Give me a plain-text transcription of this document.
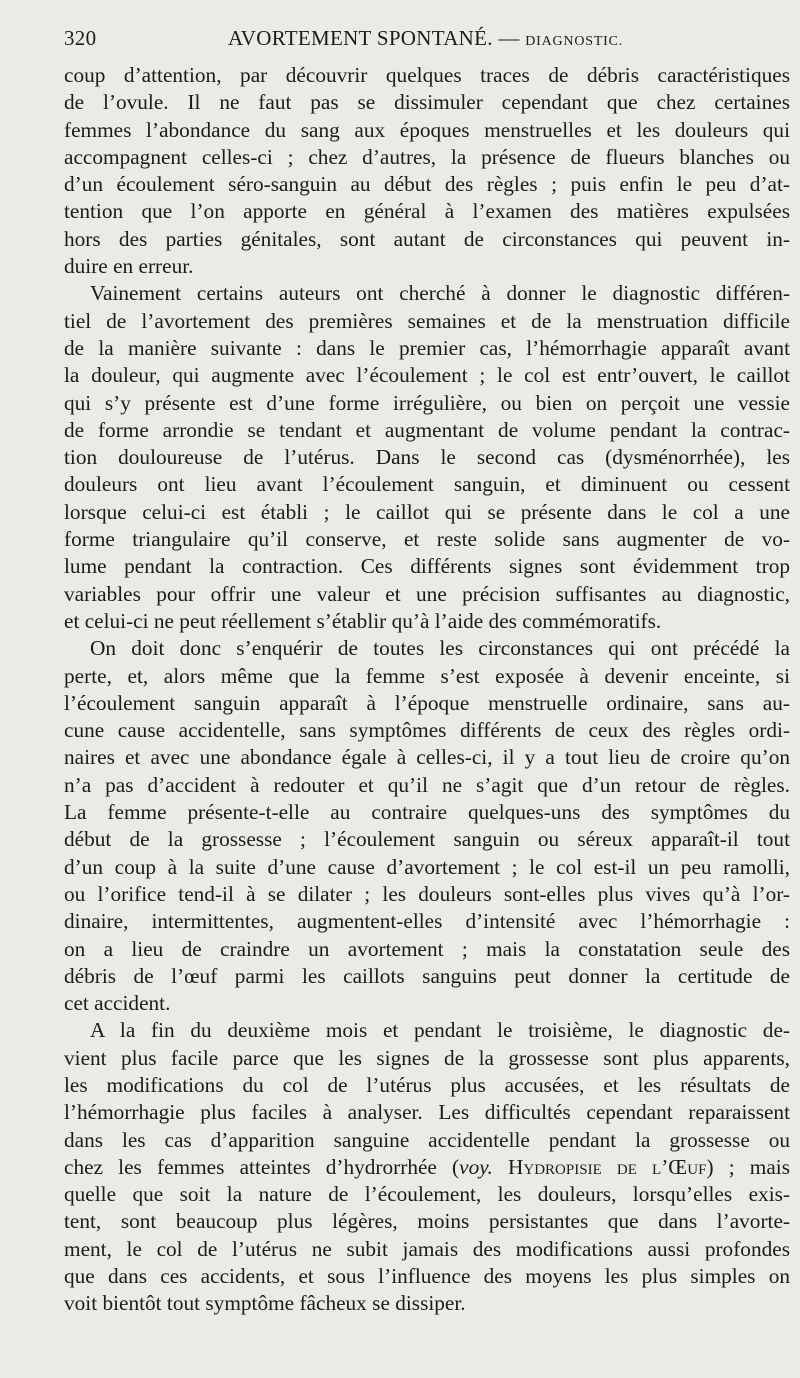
320	AVORTEMENT SPONTANÉ. — DIAGNOSTIC.
coup d’attention, par découvrir quelques traces de débris caractéristiques
de l’ovule. Il ne faut pas se dissimuler cependant que chez certaines
femmes l’abondance du sang aux époques menstruelles et les douleurs qui
accompagnent celles-ci ; chez d’autres, la présence de flueurs blanches ou
d’un écoulement séro-sanguin au début des règles ; puis enfin le peu d’at-
tention que l’on apporte en général à l’examen des matières expulsées
hors des parties génitales, sont autant de circonstances qui peuvent in-
duire en erreur.
Vainement certains auteurs ont cherché à donner le diagnostic différen-
tiel de l’avortement des premières semaines et de la menstruation difficile
de la manière suivante : dans le premier cas, l’hémorrhagie apparaît avant
la douleur, qui augmente avec l’écoulement ; le col est entr’ouvert, le caillot
qui s’y présente est d’une forme irrégulière, ou bien on perçoit une vessie
de forme arrondie se tendant et augmentant de volume pendant la contrac-
tion douloureuse de l’utérus. Dans le second cas (dysménorrhée), les
douleurs ont lieu avant l’écoulement sanguin, et diminuent ou cessent
lorsque celui-ci est établi ; le caillot qui se présente dans le col a une
forme triangulaire qu’il conserve, et reste solide sans augmenter de vo-
lume pendant la contraction. Ces différents signes sont évidemment trop
variables pour offrir une valeur et une précision suffisantes au diagnostic,
et celui-ci ne peut réellement s’établir qu’à l’aide des commémoratifs.
On doit donc s’enquérir de toutes les circonstances qui ont précédé la
perte, et, alors même que la femme s’est exposée à devenir enceinte, si
l’écoulement sanguin apparaît à l’époque menstruelle ordinaire, sans au-
cune cause accidentelle, sans symptômes différents de ceux des règles ordi-
naires et avec une abondance égale à celles-ci, il y a tout lieu de croire qu’on
n’a pas d’accident à redouter et qu’il ne s’agit que d’un retour de règles.
La femme présente-t-elle au contraire quelques-uns des symptômes du
début de la grossesse ; l’écoulement sanguin ou séreux apparaît-il tout
d’un coup à la suite d’une cause d’avortement ; le col est-il un peu ramolli,
ou l’orifice tend-il à se dilater ; les douleurs sont-elles plus vives qu’à l’or-
dinaire, intermittentes, augmentent-elles d’intensité avec l’hémorrhagie :
on a lieu de craindre un avortement ; mais la constatation seule des
débris de l’œuf parmi les caillots sanguins peut donner la certitude de
cet accident.
A la fin du deuxième mois et pendant le troisième, le diagnostic de-
vient plus facile parce que les signes de la grossesse sont plus apparents,
les modifications du col de l’utérus plus accusées, et les résultats de
l’hémorrhagie plus faciles à analyser. Les difficultés cependant reparaissent
dans les cas d’apparition sanguine accidentelle pendant la grossesse ou
chez les femmes atteintes d’hydrorrhée (voy. Hydropisie de l’Œuf) ; mais
quelle que soit la nature de l’écoulement, les douleurs, lorsqu’elles exis-
tent, sont beaucoup plus légères, moins persistantes que dans l’avorte-
ment, le col de l’utérus ne subit jamais des modifications aussi profondes
que dans ces accidents, et sous l’influence des moyens les plus simples on
voit bientôt tout symptôme fâcheux se dissiper.
